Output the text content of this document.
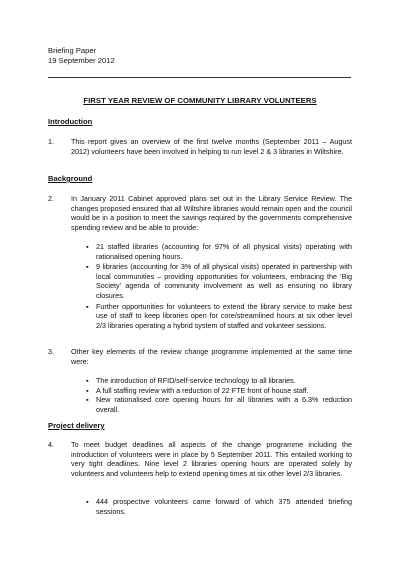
Briefing Paper
19 September 2012
FIRST YEAR REVIEW OF COMMUNITY LIBRARY VOLUNTEERS
Introduction
1.	This report gives an overview of the first twelve months (September 2011 – August 2012) volunteers have been involved in helping to run level 2 & 3 libraries in Wiltshire.
Background
2.	In January 2011 Cabinet approved plans set out in the Library Service Review. The changes proposed ensured that all Wiltshire libraries would remain open and the council would be in a position to meet the savings required by the governments comprehensive spending review and be able to provide:
▪ 21 staffed libraries (accounting for 97% of all physical visits) operating with rationalised opening hours.
▪ 9 libraries (accounting for 3% of all physical visits) operated in partnership with local communities – providing opportunities for volunteers, embracing the ‘Big Society’ agenda of community involvement as well as ensuring no library closures.
▪ Further opportunities for volunteers to extend the library service to make best use of staff to keep libraries open for core/streamlined hours at six other level 2/3 libraries operating a hybrid system of staffed and volunteer sessions.
3.	Other key elements of the review change programme implemented at the same time were:
▪ The introduction of RFID/self-service technology to all libraries.
▪ A full staffing review with a reduction of 22 FTE front of house staff.
▪ New rationalised core opening hours for all libraries with a 6.3% reduction overall.
Project delivery
4.	To meet budget deadlines all aspects of the change programme including the introduction of volunteers were in place by 5 September 2011. This entailed working to very tight deadlines. Nine level 2 libraries opening hours are operated solely by volunteers and volunteers help to extend opening times at six other level 2/3 libraries.
▪ 444 prospective volunteers came forward of which 375 attended briefing sessions.
